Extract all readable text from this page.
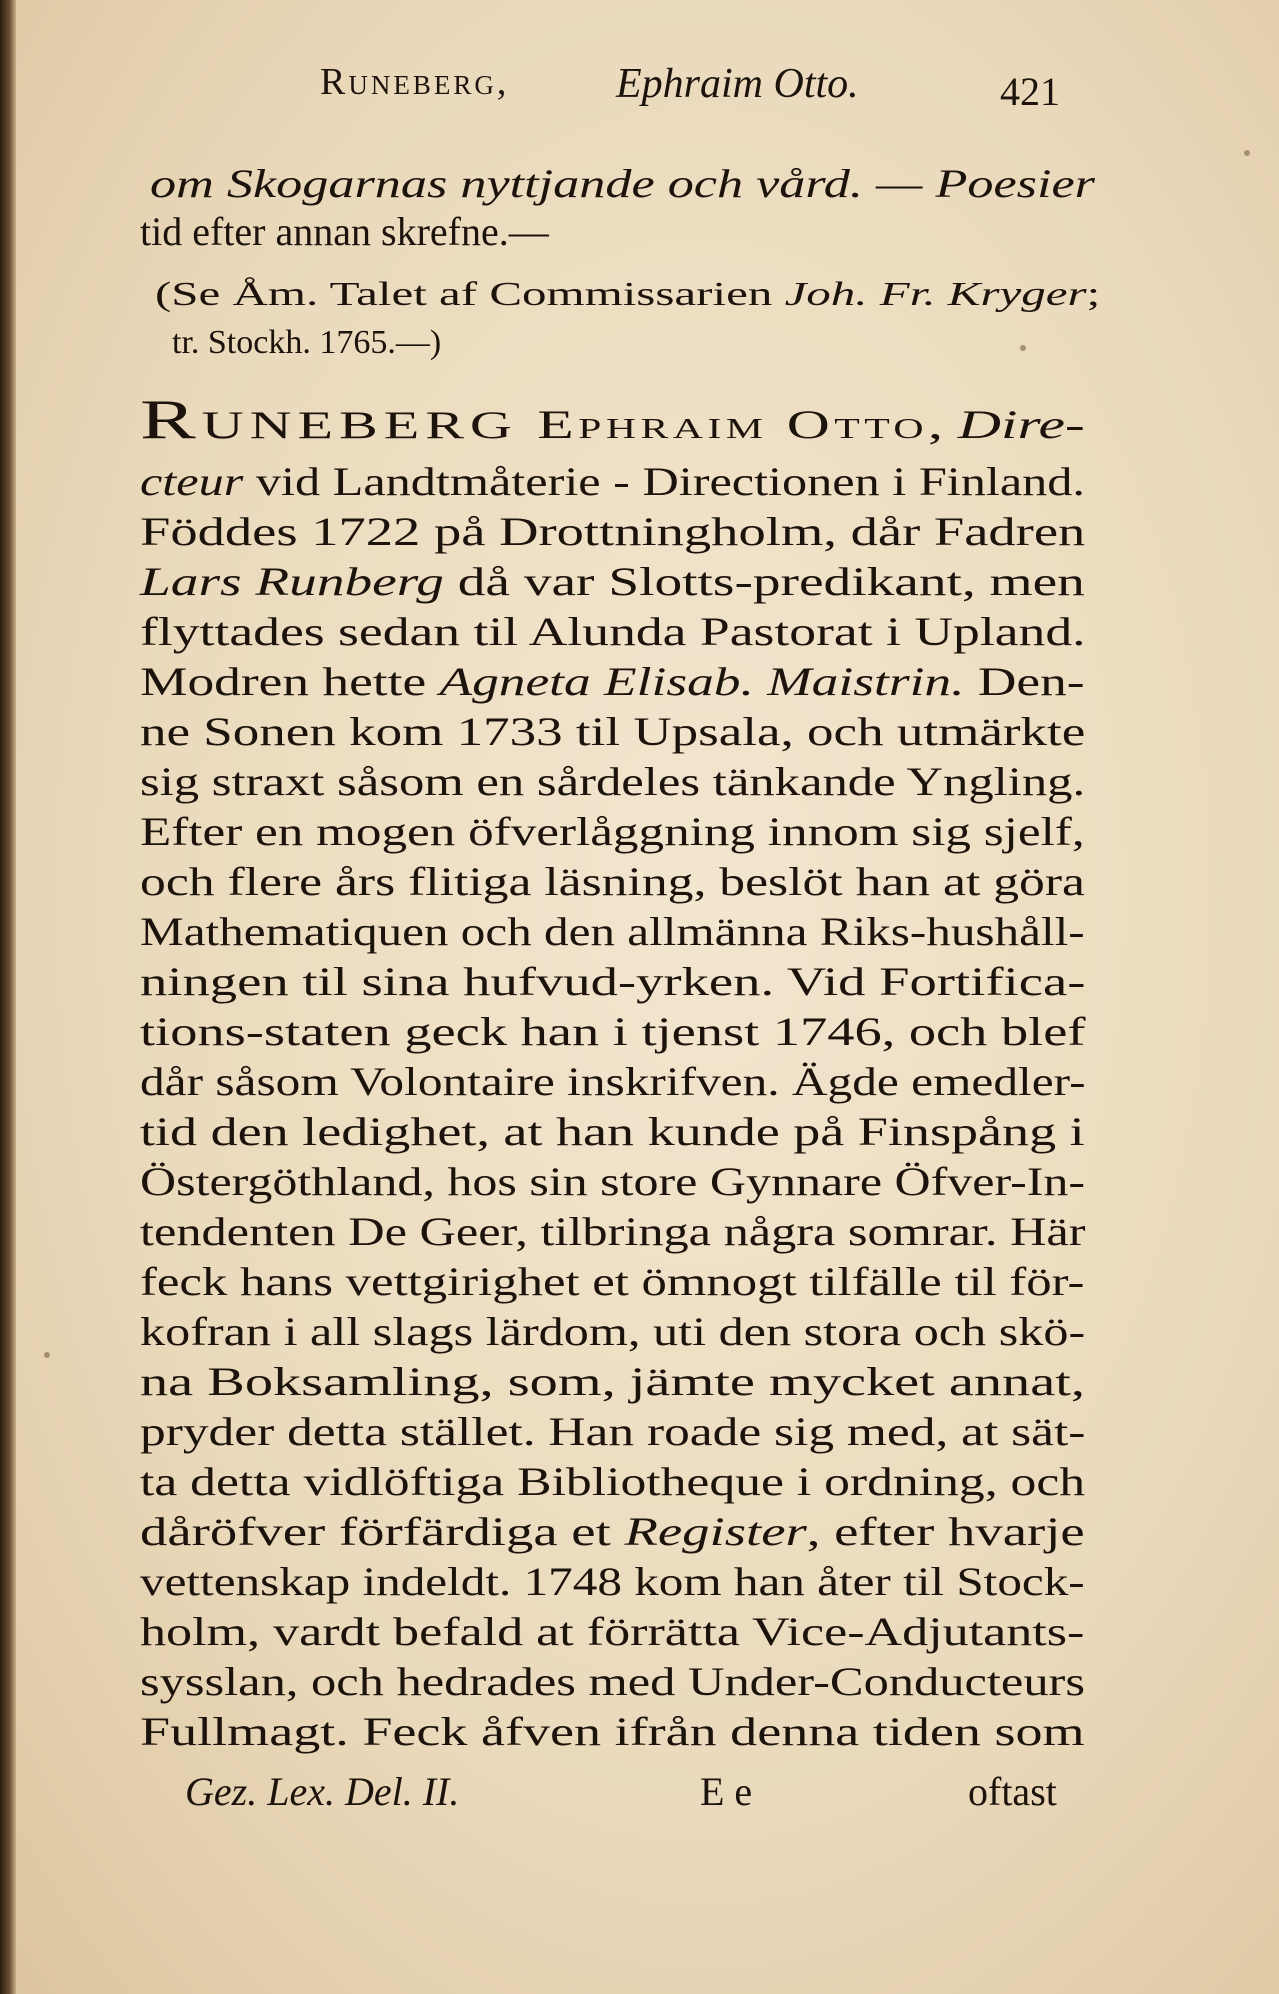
Runeberg,	Ephraim Otto.	421
om Skogarnas nyttjande och vård. — Poesier
tid efter annan skrefne.—
(Se Åm. Talet af Commissarien Joh. Fr. Kryger;
tr. Stockh. 1765.—)
Runeberg Ephraim Otto, Dire-
cteur vid Landtmåterie - Directionen i Finland.
Föddes 1722 på Drottningholm, dår Fadren
Lars Runberg då var Slotts-predikant, men
flyttades sedan til Alunda Pastorat i Upland.
Modren hette Agneta Elisab. Maistrin. Den-
ne Sonen kom 1733 til Upsala, och utmärkte
sig straxt såsom en sårdeles tänkande Yngling.
Efter en mogen öfverlåggning innom sig sjelf,
och flere års flitiga läsning, beslöt han at göra
Mathematiquen och den allmänna Riks-hushåll-
ningen til sina hufvud-yrken. Vid Fortifica-
tions-staten geck han i tjenst 1746, och blef
dår såsom Volontaire inskrifven. Ägde emedler-
tid den ledighet, at han kunde på Finspång i
Östergöthland, hos sin store Gynnare Öfver-In-
tendenten De Geer, tilbringa några somrar. Här
feck hans vettgirighet et ömnogt tilfälle til för-
kofran i all slags lärdom, uti den stora och skö-
na Boksamling, som, jämte mycket annat,
pryder detta stället. Han roade sig med, at sät-
ta detta vidlöftiga Bibliotheque i ordning, och
dåröfver förfärdiga et Register, efter hvarje
vettenskap indeldt. 1748 kom han åter til Stock-
holm, vardt befald at förrätta Vice-Adjutants-
sysslan, och hedrades med Under-Conducteurs
Fullmagt. Feck åfven ifrån denna tiden som
Gez. Lex. Del. II.	E e	oftast
